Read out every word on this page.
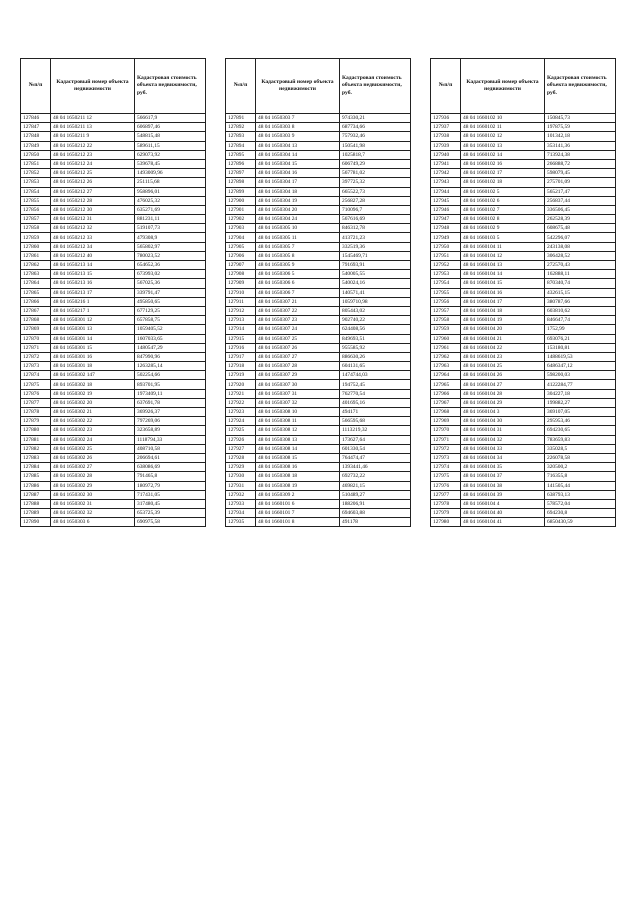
№п/п	Кадастровый номер объекта недвижимости	Кадастровая стоимость объекта недвижимости, руб.
127846	48 04 1650211 12	566617,9
127847	48 04 1650211 13	606897,46
127848	48 04 1650211 9	548815,48
127849	48 04 1650212 22	589611,15
127850	48 04 1650212 23	629073,92
127851	48 04 1650212 24	539678,45
127852	48 04 1650212 25	1493009,96
127853	48 04 1650212 26	251115,68
127854	48 04 1650212 27	958896,01
127855	48 04 1650212 28	476025,32
127856	48 04 1650212 30	635271,69
127857	48 04 1650212 31	881231,11
127858	48 04 1650212 32	519107,73
127859	48 04 1650212 33	479308,9
127860	48 04 1650212 34	565802,97
127861	48 04 1650212 40	780023,52
127862	48 04 1650213 14	654652,36
127863	48 04 1650213 15	673993,02
127864	48 04 1650213 16	567025,36
127865	48 04 1650213 17	339791,47
127866	48 04 1650216 1	495850,65
127867	48 04 1650217 1	677129,25
127868	48 04 1650301 12	657858,75
127869	48 04 1650301 13	1059405,52
127870	48 04 1650301 14	1607033,65
127871	48 04 1650301 15	1480547,29
127872	48 04 1650301 16	847990,96
127873	48 04 1650301 18	1263285,14
127874	48 04 1650302 147	502254,66
127875	48 04 1650302 18	893701,95
127876	48 04 1650302 19	1973409,11
127877	48 04 1650302 20	637691,78
127878	48 04 1650302 21	369926,37
127879	48 04 1650302 22	797269,06
127880	48 04 1650302 23	323658,89
127881	48 04 1650302 24	1118794,33
127882	48 04 1650302 25	408710,58
127883	48 04 1650302 26	206694,61
127884	48 04 1650302 27	638086,69
127885	48 04 1650302 28	791465,8
127886	48 04 1650302 29	180972,79
127887	48 04 1650302 30	717431,05
127888	48 04 1650302 31	317480,45
127889	48 04 1650302 32	653725,39
127890	48 04 1650303 6	690975,58
№п/п	Кадастровый номер объекта недвижимости	Кадастровая стоимость объекта недвижимости, руб.
127891	48 04 1650303 7	974330,21
127892	48 04 1650303 8	687734,66
127893	48 04 1650303 9	757932,46
127894	48 04 1650304 13	150541,98
127895	48 04 1650304 14	1025818,7
127896	48 04 1650304 15	606749,29
127897	48 04 1650304 16	567781,02
127898	48 04 1650304 17	397725,32
127899	48 04 1650304 18	665522,73
127900	48 04 1650304 19	256827,28
127901	48 04 1650304 20	710096,7
127902	48 04 1650304 24	567616,69
127903	48 04 1650305 10	846312,78
127904	48 04 1650305 11	413721,23
127905	48 04 1650305 7	332519,36
127906	48 04 1650305 8	1545469,71
127907	48 04 1650305 9	791693,91
127908	48 04 1650306 5	540005,55
127909	48 04 1650306 6	540024,16
127910	48 04 1650306 7	140571,41
127911	48 04 1650307 21	1059710,98
127912	48 04 1650307 22	805443,02
127913	48 04 1650307 23	902740,22
127914	48 04 1650307 24	624408,56
127915	48 04 1650307 25	849693,51
127916	48 04 1650307 26	955585,92
127917	48 04 1650307 27	886630,26
127918	48 04 1650307 28	604131,65
127919	48 04 1650307 29	1474744,03
127920	48 04 1650307 30	194752,45
127921	48 04 1650307 31	762770,54
127922	48 04 1650307 32	401695,16
127923	48 04 1650308 10	494171
127924	48 04 1650308 11	566595,68
127925	48 04 1650308 12	1113219,32
127926	48 04 1650308 13	173627,64
127927	48 04 1650308 14	601330,54
127928	48 04 1650308 15	764474,47
127929	48 04 1650308 16	1393441,46
127930	48 04 1650308 18	692732,22
127931	48 04 1650308 19	469821,15
127932	48 04 1650309 2	510489,27
127933	48 04 1660101 6	188206,91
127934	48 04 1660101 7	694603,88
127935	48 04 1660101 8	491178
№п/п	Кадастровый номер объекта недвижимости	Кадастровая стоимость объекта недвижимости, руб.
127936	48 04 1660102 10	150845,73
127937	48 04 1660102 11	197875,59
127938	48 04 1660102 12	101342,18
127939	48 04 1660102 13	353141,36
127940	48 04 1660102 14	713924,38
127941	48 04 1660102 16	266888,72
127942	48 04 1660102 17	598079,45
127943	48 04 1660102 18	275701,09
127944	48 04 1660102 5	565217,47
127945	48 04 1660102 6	256837,44
127946	48 04 1660102 7	336506,45
127947	48 04 1660102 8	262528,39
127948	48 04 1660102 9	608675,48
127949	48 04 1660103 5	542296,07
127950	48 04 1660104 11	243138,08
127951	48 04 1660104 12	306428,52
127952	48 04 1660104 13	272570,43
127953	48 04 1660104 14	162888,11
127954	48 04 1660104 15	870340,74
127955	48 04 1660104 16	432615,15
127956	48 04 1660104 17	380787,66
127957	48 04 1660104 18	603810,62
127958	48 04 1660104 19	846647,74
127959	48 04 1660104 20	1752,99
127960	48 04 1660104 21	693076,21
127961	48 04 1660104 22	153180,81
127962	48 04 1660104 23	1488619,53
127963	48 04 1660104 25	6486347,12
127964	48 04 1660104 26	598200,03
127965	48 04 1660104 27	4122284,77
127966	48 04 1660104 28	304227,18
127967	48 04 1660104 29	199882,27
127968	48 04 1660104 3	369107,05
127969	48 04 1660104 30	295953,46
127970	48 04 1660104 31	694230,65
127971	48 04 1660104 32	783659,83
127972	48 04 1660104 33	335028,5
127973	48 04 1660104 34	226078,58
127974	48 04 1660104 35	320500,2
127975	48 04 1660104 37	716355,8
127976	48 04 1660104 38	141505,44
127977	48 04 1660104 39	638793,13
127978	48 04 1660104 4	578572,04
127979	48 04 1660104 40	694230,8
127980	48 04 1660104 41	6850430,59
